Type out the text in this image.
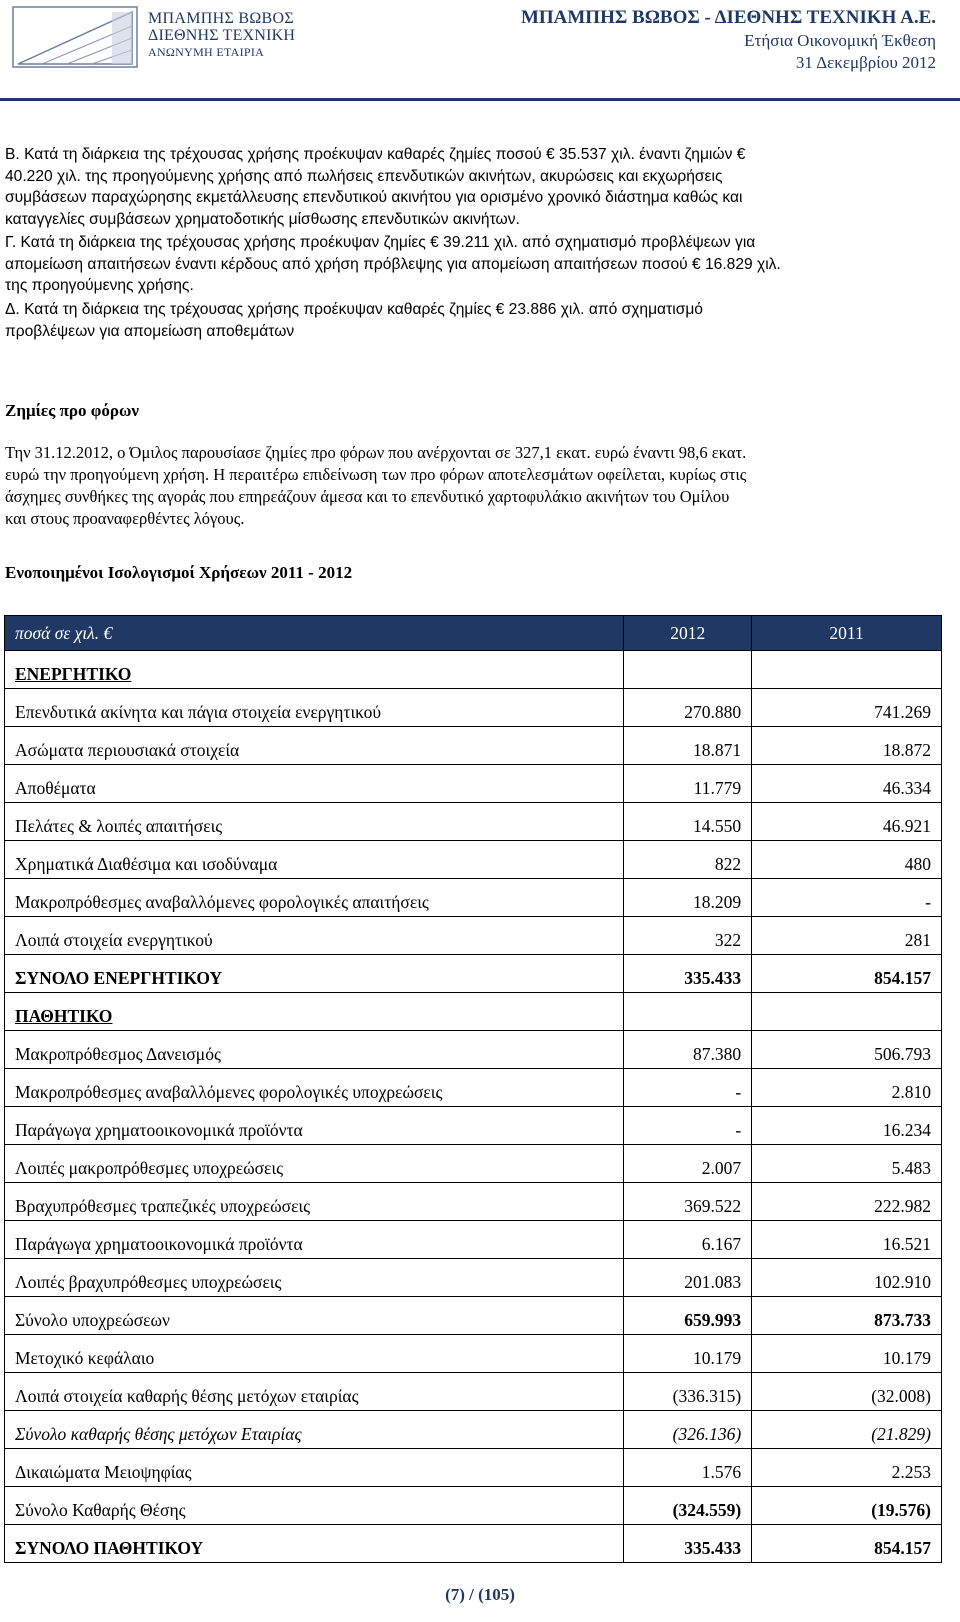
ΜΠΑΜΠΗΣ ΒΩΒΟΣ
ΔΙΕΘΝΗΣ ΤΕΧΝΙΚΗ
ΑΝΩΝΥΜΗ ΕΤΑΙΡΙΑ
ΜΠΑΜΠΗΣ ΒΩΒΟΣ - ΔΙΕΘΝΗΣ ΤΕΧΝΙΚΗ Α.Ε.
Ετήσια Οικονομική Έκθεση
31 Δεκεμβρίου 2012
Β. Κατά τη διάρκεια της τρέχουσας χρήσης προέκυψαν καθαρές ζημίες ποσού € 35.537 χιλ. έναντι ζημιών €
40.220 χιλ. της προηγούμενης χρήσης από πωλήσεις επενδυτικών ακινήτων, ακυρώσεις και εκχωρήσεις
συμβάσεων παραχώρησης εκμετάλλευσης επενδυτικού ακινήτου για ορισμένο χρονικό διάστημα καθώς και
καταγγελίες συμβάσεων χρηματοδοτικής μίσθωσης επενδυτικών ακινήτων.
Γ. Κατά τη διάρκεια της τρέχουσας χρήσης προέκυψαν ζημίες € 39.211 χιλ. από σχηματισμό προβλέψεων για
απομείωση απαιτήσεων έναντι κέρδους από χρήση πρόβλεψης για απομείωση απαιτήσεων ποσού € 16.829 χιλ.
της προηγούμενης χρήσης.
Δ. Κατά τη διάρκεια της τρέχουσας χρήσης προέκυψαν καθαρές ζημίες € 23.886 χιλ. από σχηματισμό
προβλέψεων για απομείωση αποθεμάτων
Ζημίες προ φόρων
Την 31.12.2012, ο Όμιλος παρουσίασε ζημίες προ φόρων που ανέρχονται σε 327,1 εκατ. ευρώ έναντι 98,6 εκατ.
ευρώ την προηγούμενη χρήση. Η περαιτέρω επιδείνωση των προ φόρων αποτελεσμάτων οφείλεται, κυρίως στις
άσχημες συνθήκες της αγοράς που επηρεάζουν άμεσα και το επενδυτικό χαρτοφυλάκιο ακινήτων του Ομίλου
και στους προαναφερθέντες λόγους.
Ενοποιημένοι Ισολογισμοί Χρήσεων 2011 - 2012
ποσά σε χιλ. €	2012	2011
ΕΝΕΡΓΗΤΙΚΟ		
Επενδυτικά ακίνητα και πάγια στοιχεία ενεργητικού	270.880	741.269
Ασώματα περιουσιακά στοιχεία	18.871	18.872
Αποθέματα	11.779	46.334
Πελάτες & λοιπές απαιτήσεις	14.550	46.921
Χρηματικά Διαθέσιμα και ισοδύναμα	822	480
Μακροπρόθεσμες αναβαλλόμενες φορολογικές απαιτήσεις	18.209	-
Λοιπά στοιχεία ενεργητικού	322	281
ΣΥΝΟΛΟ ΕΝΕΡΓΗΤΙΚΟΥ	335.433	854.157
ΠΑΘΗΤΙΚΟ		
Μακροπρόθεσμος Δανεισμός	87.380	506.793
Μακροπρόθεσμες αναβαλλόμενες φορολογικές υποχρεώσεις	-	2.810
Παράγωγα χρηματοοικονομικά προϊόντα	-	16.234
Λοιπές μακροπρόθεσμες υποχρεώσεις	2.007	5.483
Βραχυπρόθεσμες τραπεζικές υποχρεώσεις	369.522	222.982
Παράγωγα χρηματοοικονομικά προϊόντα	6.167	16.521
Λοιπές βραχυπρόθεσμες υποχρεώσεις	201.083	102.910
Σύνολο υποχρεώσεων	659.993	873.733
Μετοχικό κεφάλαιο	10.179	10.179
Λοιπά στοιχεία καθαρής θέσης μετόχων εταιρίας	(336.315)	(32.008)
Σύνολο καθαρής θέσης μετόχων Εταιρίας	(326.136)	(21.829)
Δικαιώματα Μειοψηφίας	1.576	2.253
Σύνολο Καθαρής Θέσης	(324.559)	(19.576)
ΣΥΝΟΛΟ ΠΑΘΗΤΙΚΟΥ	335.433	854.157
(7) / (105)
